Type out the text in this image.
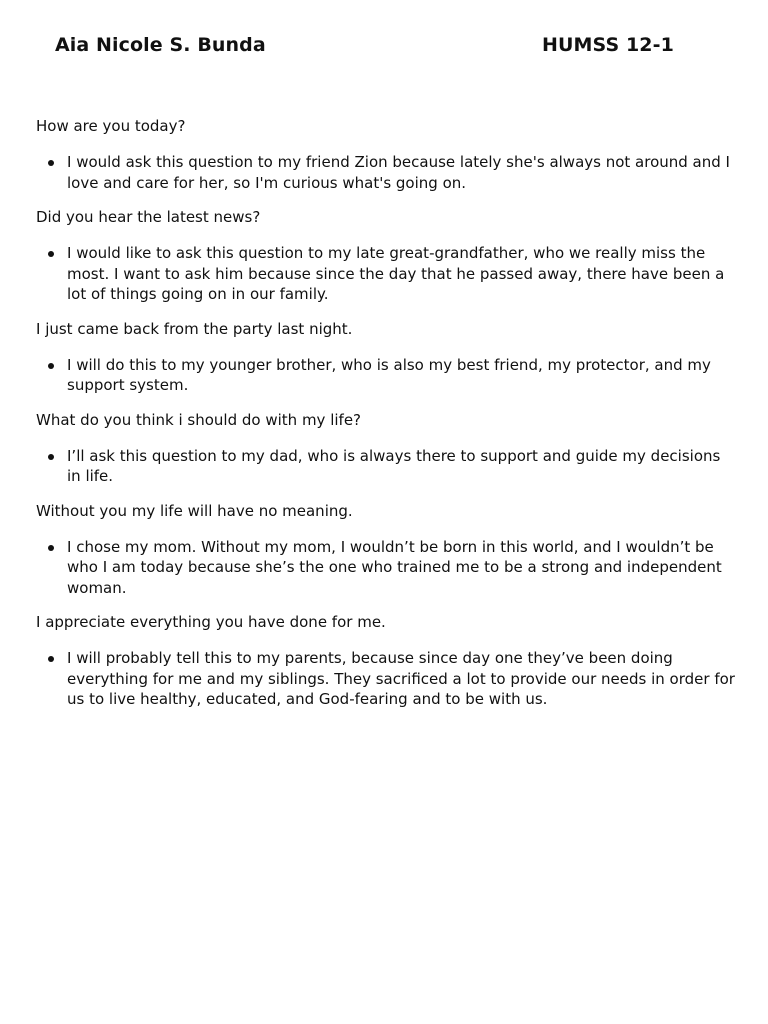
Aia Nicole S. Bunda	HUMSS 12-1

How are you today?

I would ask this question to my friend Zion because lately she's always not around and I love and care for her, so I'm curious what's going on.

Did you hear the latest news?

I would like to ask this question to my late great-grandfather, who we really miss the most. I want to ask him because since the day that he passed away, there have been a lot of things going on in our family.

I just came back from the party last night.

I will do this to my younger brother, who is also my best friend, my protector, and my support system.

What do you think i should do with my life?

I’ll ask this question to my dad, who is always there to support and guide my decisions in life.

Without you my life will have no meaning.

I chose my mom. Without my mom, I wouldn’t be born in this world, and I wouldn’t be who I am today because she’s the one who trained me to be a strong and independent woman.

I appreciate everything you have done for me.

I will probably tell this to my parents, because since day one they’ve been doing everything for me and my siblings. They sacrificed a lot to provide our needs in order for us to live healthy, educated, and God-fearing and to be with us.
